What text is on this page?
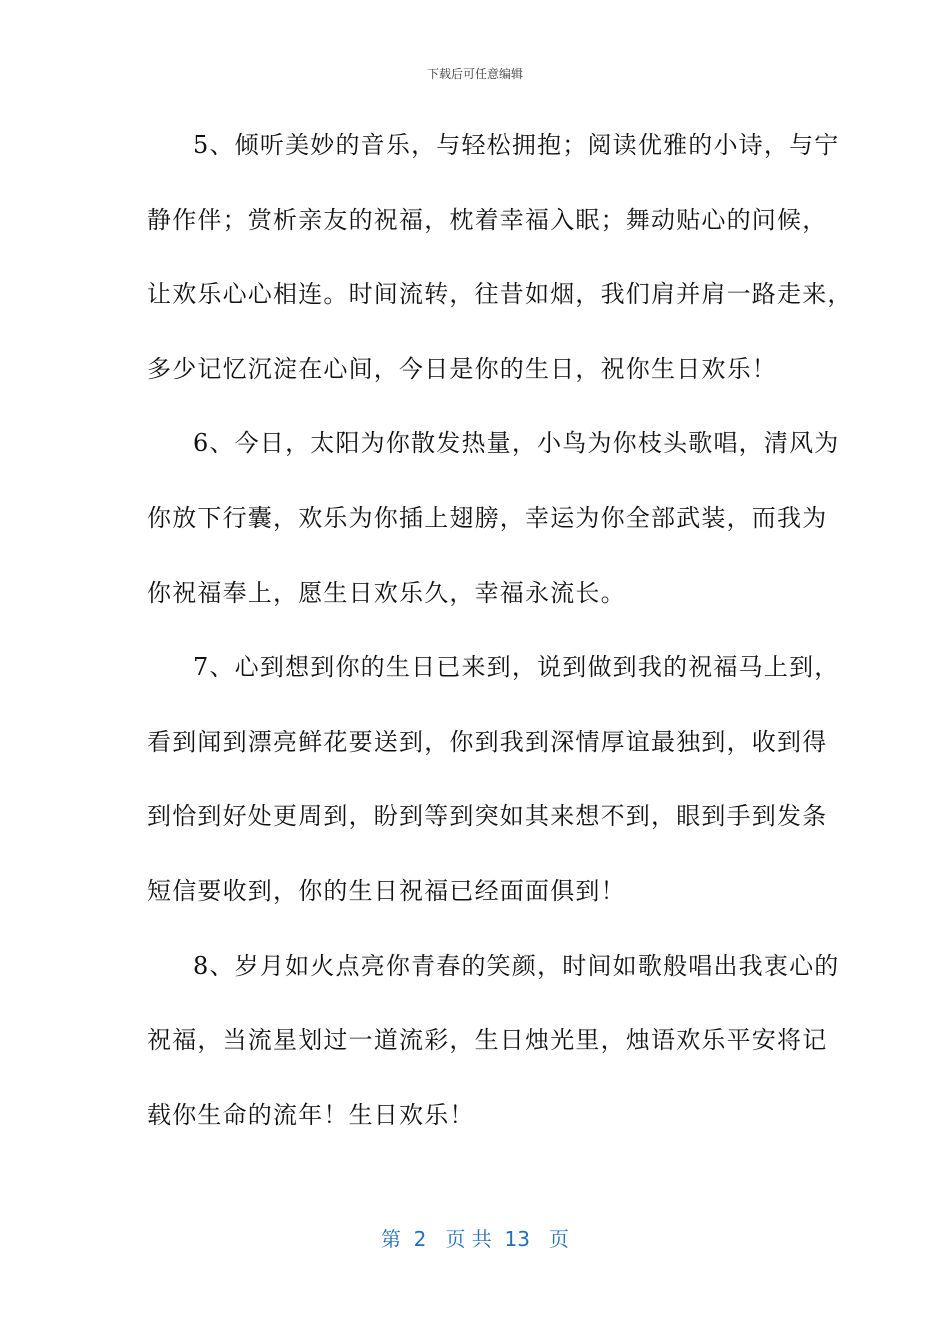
下载后可任意编辑
5、倾听美妙的音乐，与轻松拥抱；阅读优雅的小诗，与宁
静作伴；赏析亲友的祝福，枕着幸福入眠；舞动贴心的问候，
让欢乐心心相连。时间流转，往昔如烟，我们肩并肩一路走来，
多少记忆沉淀在心间，今日是你的生日，祝你生日欢乐！
6、今日，太阳为你散发热量，小鸟为你枝头歌唱，清风为
你放下行囊，欢乐为你插上翅膀，幸运为你全部武装，而我为
你祝福奉上，愿生日欢乐久，幸福永流长。
7、心到想到你的生日已来到，说到做到我的祝福马上到，
看到闻到漂亮鲜花要送到，你到我到深情厚谊最独到，收到得
到恰到好处更周到，盼到等到突如其来想不到，眼到手到发条
短信要收到，你的生日祝福已经面面俱到！
8、岁月如火点亮你青春的笑颜，时间如歌般唱出我衷心的
祝福，当流星划过一道流彩，生日烛光里，烛语欢乐平安将记
载你生命的流年！生日欢乐！
第  2   页 共  13   页
